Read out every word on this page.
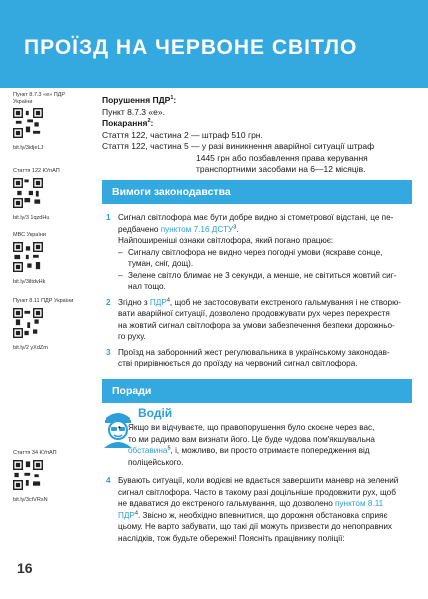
ПРОЇЗД НА ЧЕРВОНЕ СВІТЛО
Пункт 8.7.3 «е» ПДР України
bit.ly/3idjeLJ
Стаття 122 КУпАП
bit.ly/3 1qzdHu
МВС України
bit.ly/3iltdvHk
Пункт 8.11 ПДР України
bit.ly/2 yXdZm
Стаття 34 КУпАП
bit.ly/3ctVRsN
16
Порушення ПДР$^1$:
Пункт 8.7.3 «е».
Покарання$^2$:
Стаття 122, частина 2 — штраф 510 грн.
Стаття 122, частина 5 — у разі виникнення аварійної ситуації штраф
1445 грн або позбавлення права керування
транспортними засобами на 6—12 місяців.
Вимоги законодавства
1 Сигнал світлофора має бути добре видно зі стометрової відстані, це пе-
редбачено пунктом 7.16 ДСТУ$^3$.
Найпоширеніші ознаки світлофора, який погано працює:
– Сигналу світлофора не видно через погодні умови (яскраве сонце,
туман, сніг, дощ).
– Зелене світло блимає не 3 секунди, а менше, не світиться жовтий сиг-
нал тощо.
2 Згідно з ПДР$^4$, щоб не застосовувати екстреного гальмування і не створю-
вати аварійної ситуації, дозволено продовжувати рух через перехрестя
на жовтий сигнал світлофора за умови забезпечення безпеки дорожньо-
го руху.
3 Проїзд на заборонний жест регулювальника в українському законодав-
стві прирівнюється до проїзду на червоний сигнал світлофора.
Поради
Водій
• Якщо ви відчуваєте, що правопорушення було скоєне через вас,
то ми радимо вам визнати його. Це буде чудова пом'якшувальна
обставина$^5$, і, можливо, ви просто отримаєте попередження від
поліцейського.
4 Бувають ситуації, коли водієві не вдається завершити маневр на зелений
сигнал світлофора. Часто в такому разі доцільніше продовжити рух, щоб
не вдаватися до екстреного гальмування, що дозволено пунктом 8.11
ПДР$^4$. Звісно ж, необхідно впевнитися, що дорожня обстановка сприяє
цьому. Не варто забувати, що такі дії можуть призвести до непоправних
наслідків, тож будьте обережні! Поясніть працівнику поліції:
